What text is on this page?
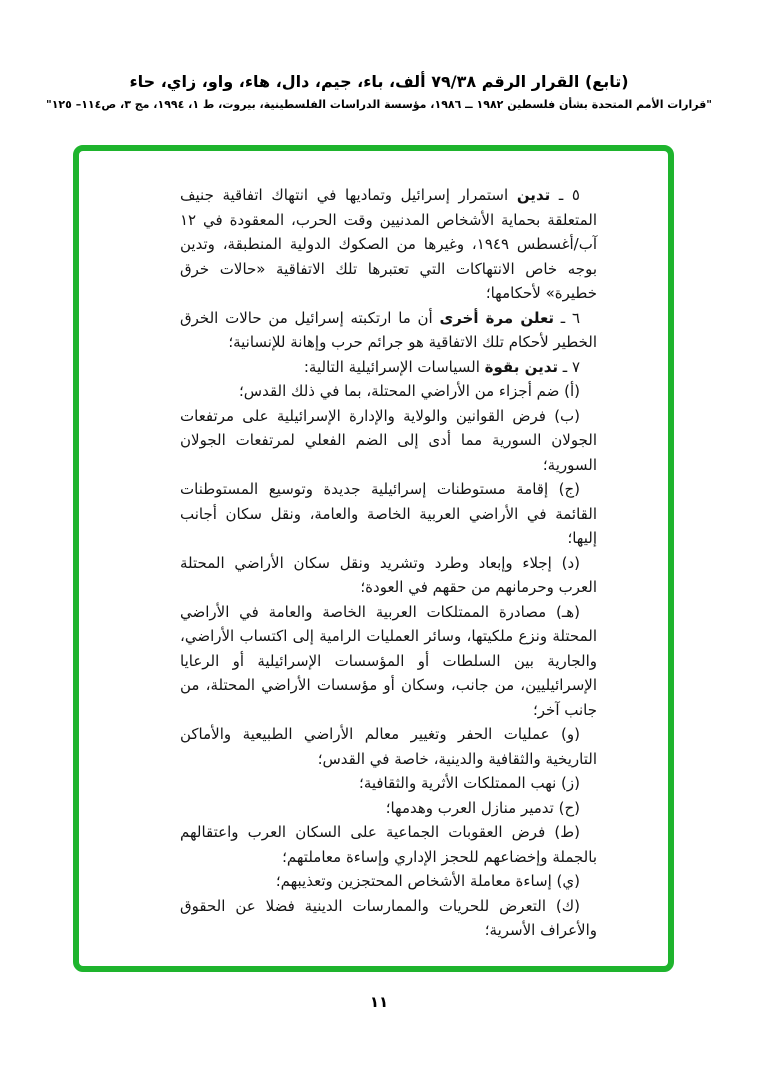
(تابع) القرار الرقم ٧٩/٣٨ ألف، باء، جيم، دال، هاء، واو، زاي، حاء
"قرارات الأمم المتحدة بشأن فلسطين ١٩٨٢ ــ ١٩٨٦، مؤسسة الدراسات الفلسطينية، بيروت، ط ١، ١٩٩٤، مج ٣، ص١١٤– ١٢٥"
٥ ـ تدين استمرار إسرائيل وتماديها في انتهاك اتفاقية جنيف المتعلقة بحماية الأشخاص المدنيين وقت الحرب، المعقودة في ١٢ آب/أغسطس ١٩٤٩، وغيرها من الصكوك الدولية المنطبقة، وتدين بوجه خاص الانتهاكات التي تعتبرها تلك الاتفاقية «حالات خرق خطيرة» لأحكامها؛
٦ ـ تعلن مرة أخرى أن ما ارتكبته إسرائيل من حالات الخرق الخطير لأحكام تلك الاتفاقية هو جرائم حرب وإهانة للإنسانية؛
٧ ـ تدين بقوة السياسات الإسرائيلية التالية:
(أ) ضم أجزاء من الأراضي المحتلة، بما في ذلك القدس؛
(ب) فرض القوانين والولاية والإدارة الإسرائيلية على مرتفعات الجولان السورية مما أدى إلى الضم الفعلي لمرتفعات الجولان السورية؛
(ج) إقامة مستوطنات إسرائيلية جديدة وتوسيع المستوطنات القائمة في الأراضي العربية الخاصة والعامة، ونقل سكان أجانب إليها؛
(د) إجلاء وإبعاد وطرد وتشريد ونقل سكان الأراضي المحتلة العرب وحرمانهم من حقهم في العودة؛
(هـ) مصادرة الممتلكات العربية الخاصة والعامة في الأراضي المحتلة ونزع ملكيتها، وسائر العمليات الرامية إلى اكتساب الأراضي، والجارية بين السلطات أو المؤسسات الإسرائيلية أو الرعايا الإسرائيليين، من جانب، وسكان أو مؤسسات الأراضي المحتلة، من جانب آخر؛
(و) عمليات الحفر وتغيير معالم الأراضي الطبيعية والأماكن التاريخية والثقافية والدينية، خاصة في القدس؛
(ز) نهب الممتلكات الأثرية والثقافية؛
(ح) تدمير منازل العرب وهدمها؛
(ط) فرض العقوبات الجماعية على السكان العرب واعتقالهم بالجملة وإخضاعهم للحجز الإداري وإساءة معاملتهم؛
(ي) إساءة معاملة الأشخاص المحتجزين وتعذيبهم؛
(ك) التعرض للحريات والممارسات الدينية فضلا عن الحقوق والأعراف الأسرية؛
١١
